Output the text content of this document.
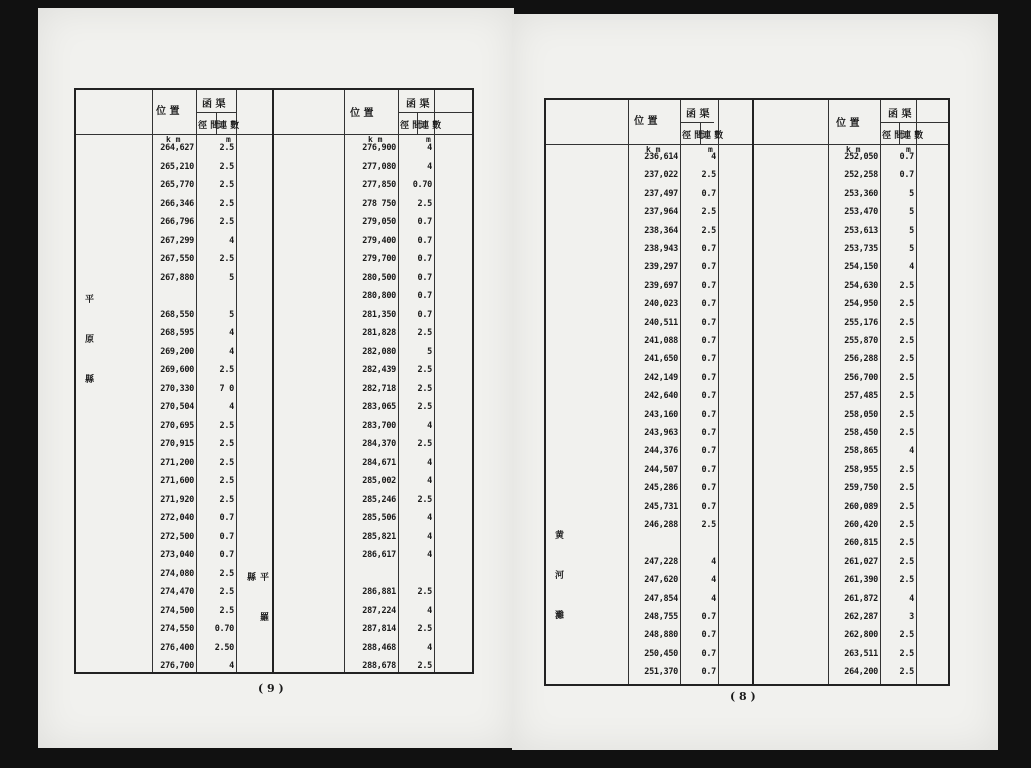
位 置
函 渠
徑 間
連 數
位 置
函 渠
徑 間
連 數
k m	m	k m	m
平 原 縣
平 羅 縣
264,627	2.5
265,210	2.5
265,770	2.5
266,346	2.5
266,796	2.5
267,299	4
267,550	2.5
267,880	5
268,550	5
268,595	4
269,200	4
269,600	2.5
270,330	7 0
270,504	4
270,695	2.5
270,915	2.5
271,200	2.5
271,600	2.5
271,920	2.5
272,040	0.7
272,500	0.7
273,040	0.7
274,080	2.5
274,470	2.5
274,500	2.5
274,550	0.70
276,400	2.50
276,700	4
276,900	4
277,080	4
277,850	0.70
278 750	2.5
279,050	0.7
279,400	0.7
279,700	0.7
280,500	0.7
280,800	0.7
281,350	0.7
281,828	2.5
282,080	5
282,439	2.5
282,718	2.5
283,065	2.5
283,700	4
284,370	2.5
284,671	4
285,002	4
285,246	2.5
285,506	4
285,821	4
286,617	4
286,881	2.5
287,224	4
287,814	2.5
288,468	4
288,678	2.5
( 9 )
位 置
函 渠
徑 間
連 數
位 置
函 渠
徑 間
連 數
k m	m	k m	m
黄 河 灘
236,614	4
237,022	2.5
237,497	0.7
237,964	2.5
238,364	2.5
238,943	0.7
239,297	0.7
239,697	0.7
240,023	0.7
240,511	0.7
241,088	0.7
241,650	0.7
242,149	0.7
242,640	0.7
243,160	0.7
243,963	0.7
244,376	0.7
244,507	0.7
245,286	0.7
245,731	0.7
246,288	2.5
247,228	4
247,620	4
247,854	4
248,755	0.7
248,880	0.7
250,450	0.7
251,370	0.7
252,050	0.7
252,258	0.7
253,360	5
253,470	5
253,613	5
253,735	5
254,150	4
254,630	2.5
254,950	2.5
255,176	2.5
255,870	2.5
256,288	2.5
256,700	2.5
257,485	2.5
258,050	2.5
258,450	2.5
258,865	4
258,955	2.5
259,750	2.5
260,089	2.5
260,420	2.5
260,815	2.5
261,027	2.5
261,390	2.5
261,872	4
262,287	3
262,800	2.5
263,511	2.5
264,200	2.5
( 8 )
